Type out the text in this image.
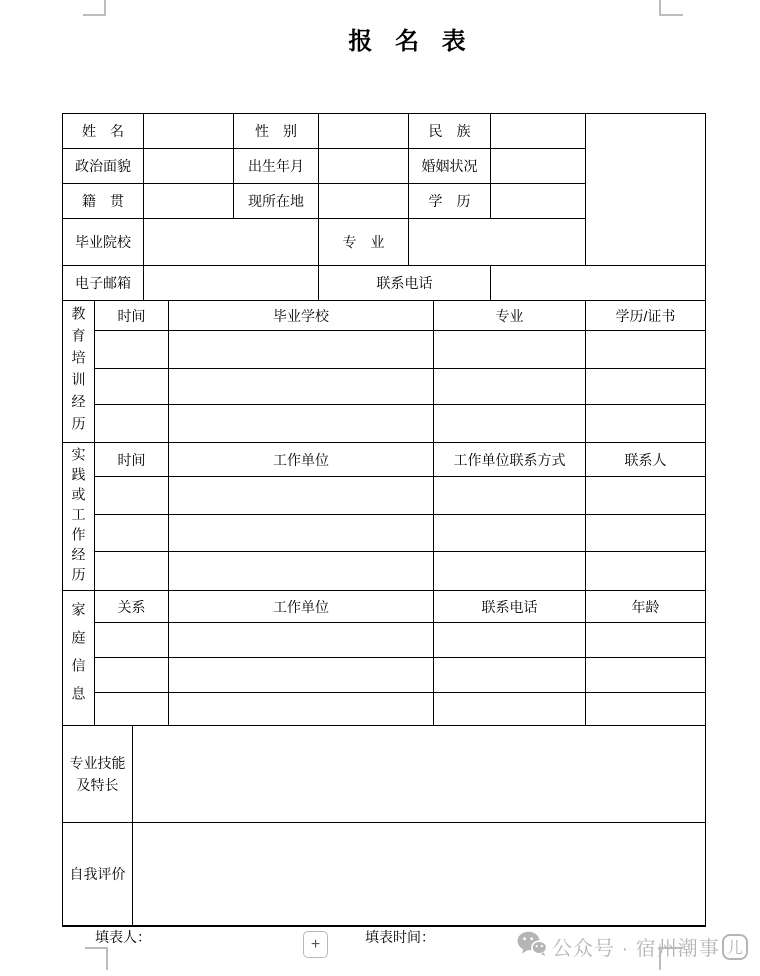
报 名 表
姓　名		性　别		民　族		
政治面貌		出生年月		婚姻状况		
籍　贯		现所在地		学　历		
毕业院校			专　业			
电子邮箱			联系电话			
教育培训经历	时间	毕业学校	专业	学历/证书

实践或工作经历	时间	工作单位	工作单位联系方式	联系人

家庭信息	关系	工作单位	联系电话	年龄

专业技能及特长	
自我评价	
填表人：	+	填表时间：
公众号 · 宿州潮事 儿
